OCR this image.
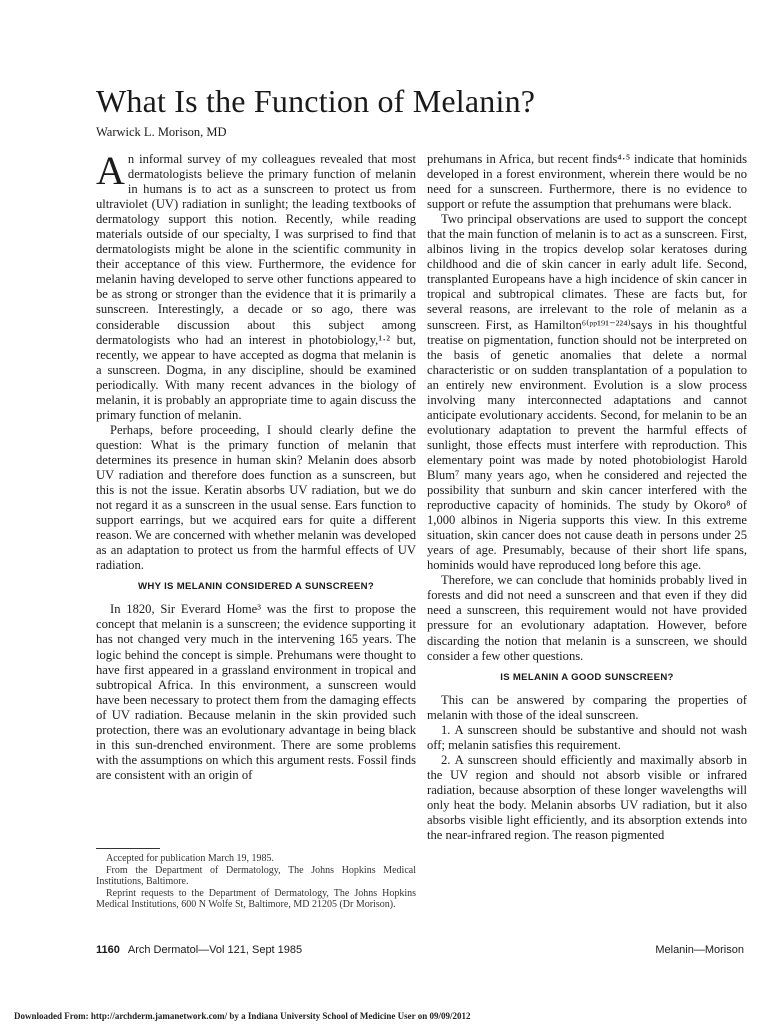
What Is the Function of Melanin?
Warwick L. Morison, MD

An informal survey of my colleagues revealed that most dermatologists believe the primary function of melanin in humans is to act as a sunscreen to protect us from ultraviolet (UV) radiation in sunlight; the leading textbooks of dermatology support this notion. Recently, while reading materials outside of our specialty, I was surprised to find that dermatologists might be alone in the scientific community in their acceptance of this view. Furthermore, the evidence for melanin having developed to serve other functions appeared to be as strong or stronger than the evidence that it is primarily a sunscreen. Interestingly, a decade or so ago, there was considerable discussion about this subject among dermatologists who had an interest in photobiology,¹·² but, recently, we appear to have accepted as dogma that melanin is a sunscreen. Dogma, in any discipline, should be examined periodically. With many recent advances in the biology of melanin, it is probably an appropriate time to again discuss the primary function of melanin.

Perhaps, before proceeding, I should clearly define the question: What is the primary function of melanin that determines its presence in human skin? Melanin does absorb UV radiation and therefore does function as a sunscreen, but this is not the issue. Keratin absorbs UV radiation, but we do not regard it as a sunscreen in the usual sense. Ears function to support earrings, but we acquired ears for quite a different reason. We are concerned with whether melanin was developed as an adaptation to protect us from the harmful effects of UV radiation.

WHY IS MELANIN CONSIDERED A SUNSCREEN?

In 1820, Sir Everard Home³ was the first to propose the concept that melanin is a sunscreen; the evidence supporting it has not changed very much in the intervening 165 years. The logic behind the concept is simple. Prehumans were thought to have first appeared in a grassland environment in tropical and subtropical Africa. In this environment, a sunscreen would have been necessary to protect them from the damaging effects of UV radiation. Because melanin in the skin provided such protection, there was an evolutionary advantage in being black in this sun-drenched environment. There are some problems with the assumptions on which this argument rests. Fossil finds are consistent with an origin of

prehumans in Africa, but recent finds⁴·⁵ indicate that hominids developed in a forest environment, wherein there would be no need for a sunscreen. Furthermore, there is no evidence to support or refute the assumption that prehumans were black.

Two principal observations are used to support the concept that the main function of melanin is to act as a sunscreen. First, albinos living in the tropics develop solar keratoses during childhood and die of skin cancer in early adult life. Second, transplanted Europeans have a high incidence of skin cancer in tropical and subtropical climates. These are facts but, for several reasons, are irrelevant to the role of melanin as a sunscreen. First, as Hamilton⁶⁽ᵖᵖ¹⁹¹⁻²²⁴⁾says in his thoughtful treatise on pigmentation, function should not be interpreted on the basis of genetic anomalies that delete a normal characteristic or on sudden transplantation of a population to an entirely new environment. Evolution is a slow process involving many interconnected adaptations and cannot anticipate evolutionary accidents. Second, for melanin to be an evolutionary adaptation to prevent the harmful effects of sunlight, those effects must interfere with reproduction. This elementary point was made by noted photobiologist Harold Blum⁷ many years ago, when he considered and rejected the possibility that sunburn and skin cancer interfered with the reproductive capacity of hominids. The study by Okoro⁸ of 1,000 albinos in Nigeria supports this view. In this extreme situation, skin cancer does not cause death in persons under 25 years of age. Presumably, because of their short life spans, hominids would have reproduced long before this age.

Therefore, we can conclude that hominids probably lived in forests and did not need a sunscreen and that even if they did need a sunscreen, this requirement would not have provided pressure for an evolutionary adaptation. However, before discarding the notion that melanin is a sunscreen, we should consider a few other questions.

IS MELANIN A GOOD SUNSCREEN?

This can be answered by comparing the properties of melanin with those of the ideal sunscreen.

1. A sunscreen should be substantive and should not wash off; melanin satisfies this requirement.

2. A sunscreen should efficiently and maximally absorb in the UV region and should not absorb visible or infrared radiation, because absorption of these longer wavelengths will only heat the body. Melanin absorbs UV radiation, but it also absorbs visible light efficiently, and its absorption extends into the near-infrared region. The reason pigmented

Accepted for publication March 19, 1985.

From the Department of Dermatology, The Johns Hopkins Medical Institutions, Baltimore.

Reprint requests to the Department of Dermatology, The Johns Hopkins Medical Institutions, 600 N Wolfe St, Baltimore, MD 21205 (Dr Morison).

1160 Arch Dermatol—Vol 121, Sept 1985	Melanin—Morison
Downloaded From: http://archderm.jamanetwork.com/ by a Indiana University School of Medicine User on 09/09/2012
